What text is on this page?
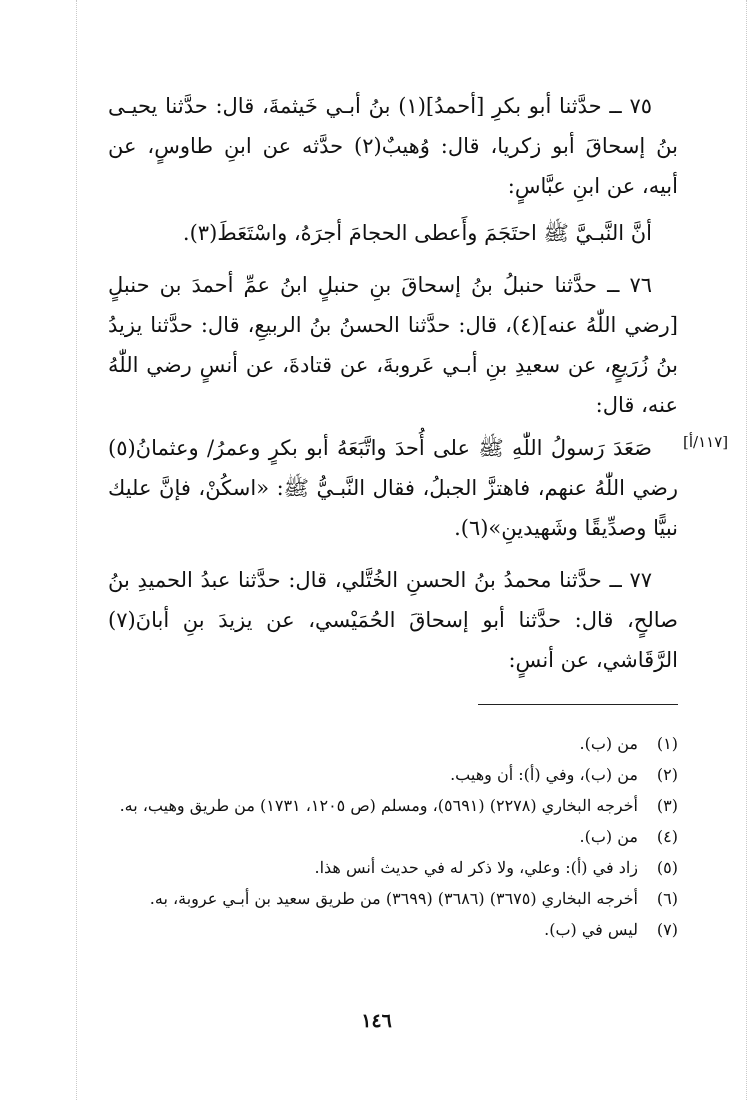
٧٥ ــ حدَّثنا أبو بكرِ [أحمدُ](١) بنُ أبـي خَيثمةَ، قال: حدَّثنا يحيـى بنُ إسحاقَ أبو زكريا، قال: وُهيبٌ(٢) حدَّثه عن ابنِ طاوسٍ، عن أبيه، عن ابنِ عبَّاسٍ:

أنَّ النَّبـيَّ ﷺ احتَجَمَ وأَعطى الحجامَ أجرَهُ، واسْتَعَطَ(٣).

٧٦ ــ حدَّثنا حنبلُ بنُ إسحاقَ بنِ حنبلٍ ابنُ عمِّ أحمدَ بن حنبلٍ [رضي اللّٰهُ عنه](٤)، قال: حدَّثنا الحسنُ بنُ الربيعِ، قال: حدَّثنا يزيدُ بنُ زُرَيعٍ، عن سعيدِ بنِ أبـي عَروبةَ، عن قتادةَ، عن أنسٍ رضي اللّٰهُ عنه، قال:

[١١٧/أ]

صَعَدَ رَسولُ اللّٰهِ ﷺ على أُحدَ واتَّبَعَهُ أبو بكرٍ وعمرُ/ وعثمانُ(٥) رضي اللّٰهُ عنهم، فاهتزَّ الجبلُ، فقال النَّبـيُّ ﷺ: «اسكُنْ، فإنَّ عليك نبيًّا وصدِّيقًا وشَهيدينِ»(٦).

٧٧ ــ حدَّثنا محمدُ بنُ الحسنِ الخُتَّلي، قال: حدَّثنا عبدُ الحميدِ بنُ صالحٍ، قال: حدَّثنا أبو إسحاقَ الحُمَيْسي، عن يزيدَ بنِ أبانَ(٧) الرَّقَاشي، عن أنسٍ:

(١)من (ب).
(٢)من (ب)، وفي (أ): أن وهيب.
(٣)أخرجه البخاري (٢٢٧٨) (٥٦٩١)، ومسلم (ص ١٢٠٥، ١٧٣١) من طريق وهيب، به.
(٤)من (ب).
(٥)زاد في (أ): وعلي، ولا ذكر له في حديث أنس هذا.
(٦)أخرجه البخاري (٣٦٧٥) (٣٦٨٦) (٣٦٩٩) من طريق سعيد بن أبـي عروبة، به.
(٧)ليس في (ب).
١٤٦
